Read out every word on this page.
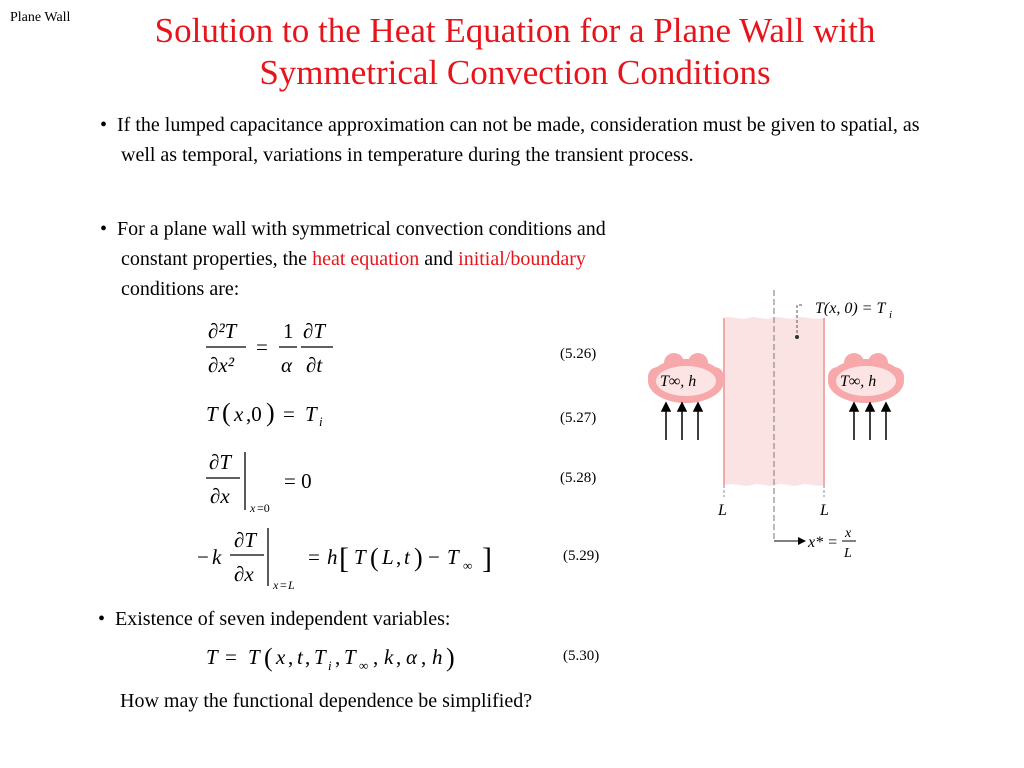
Plane Wall	Solution to the Heat Equation for a Plane Wall with
Symmetrical Convection Conditions
• If the lumped capacitance approximation can not be made, consideration must be given to spatial, as well as temporal, variations in temperature during the transient process.
• For a plane wall with symmetrical convection conditions and constant properties, the heat equation and initial/boundary conditions are:
∂²T
∂x²
=
1
α
∂T
∂t
T ( x ,0 ) = T i
∂T
∂x x =0
= 0
− k
∂T
∂x x = L
= h [ T ( L , t ) − T ∞ ]
T = T ( x , t , T i , T ∞ , k , α , h )
(5.26)
(5.27)
(5.28)
(5.29)
(5.30)
• Existence of seven independent variables:
How may the functional dependence be simplified?
T(x, 0) = T i
T∞, h	T∞, h
L	L
x* =
x
L
